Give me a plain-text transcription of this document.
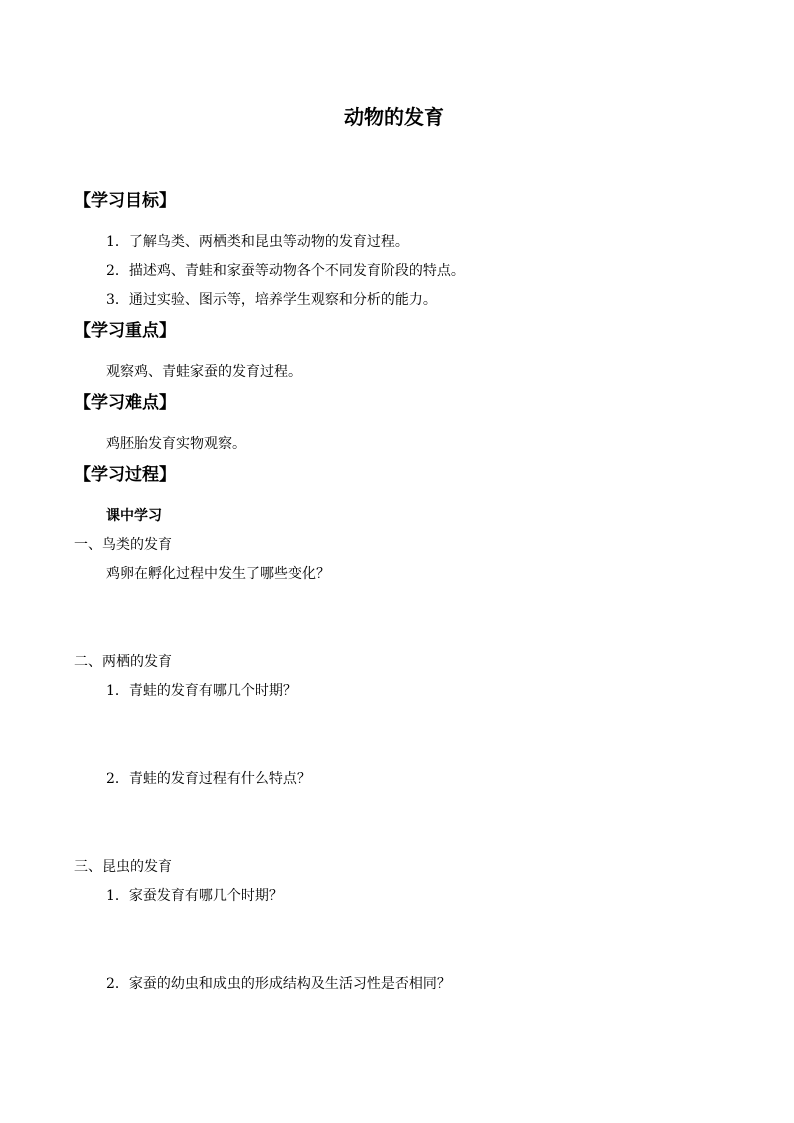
动物的发育
【学习目标】
1．了解鸟类、两栖类和昆虫等动物的发育过程。
2．描述鸡、青蛙和家蚕等动物各个不同发育阶段的特点。
3．通过实验、图示等，培养学生观察和分析的能力。
【学习重点】
观察鸡、青蛙家蚕的发育过程。
【学习难点】
鸡胚胎发育实物观察。
【学习过程】
课中学习
一、鸟类的发育
鸡卵在孵化过程中发生了哪些变化？
二、两栖的发育
1．青蛙的发育有哪几个时期？
2．青蛙的发育过程有什么特点？
三、昆虫的发育
1．家蚕发育有哪几个时期？
2．家蚕的幼虫和成虫的形成结构及生活习性是否相同？
